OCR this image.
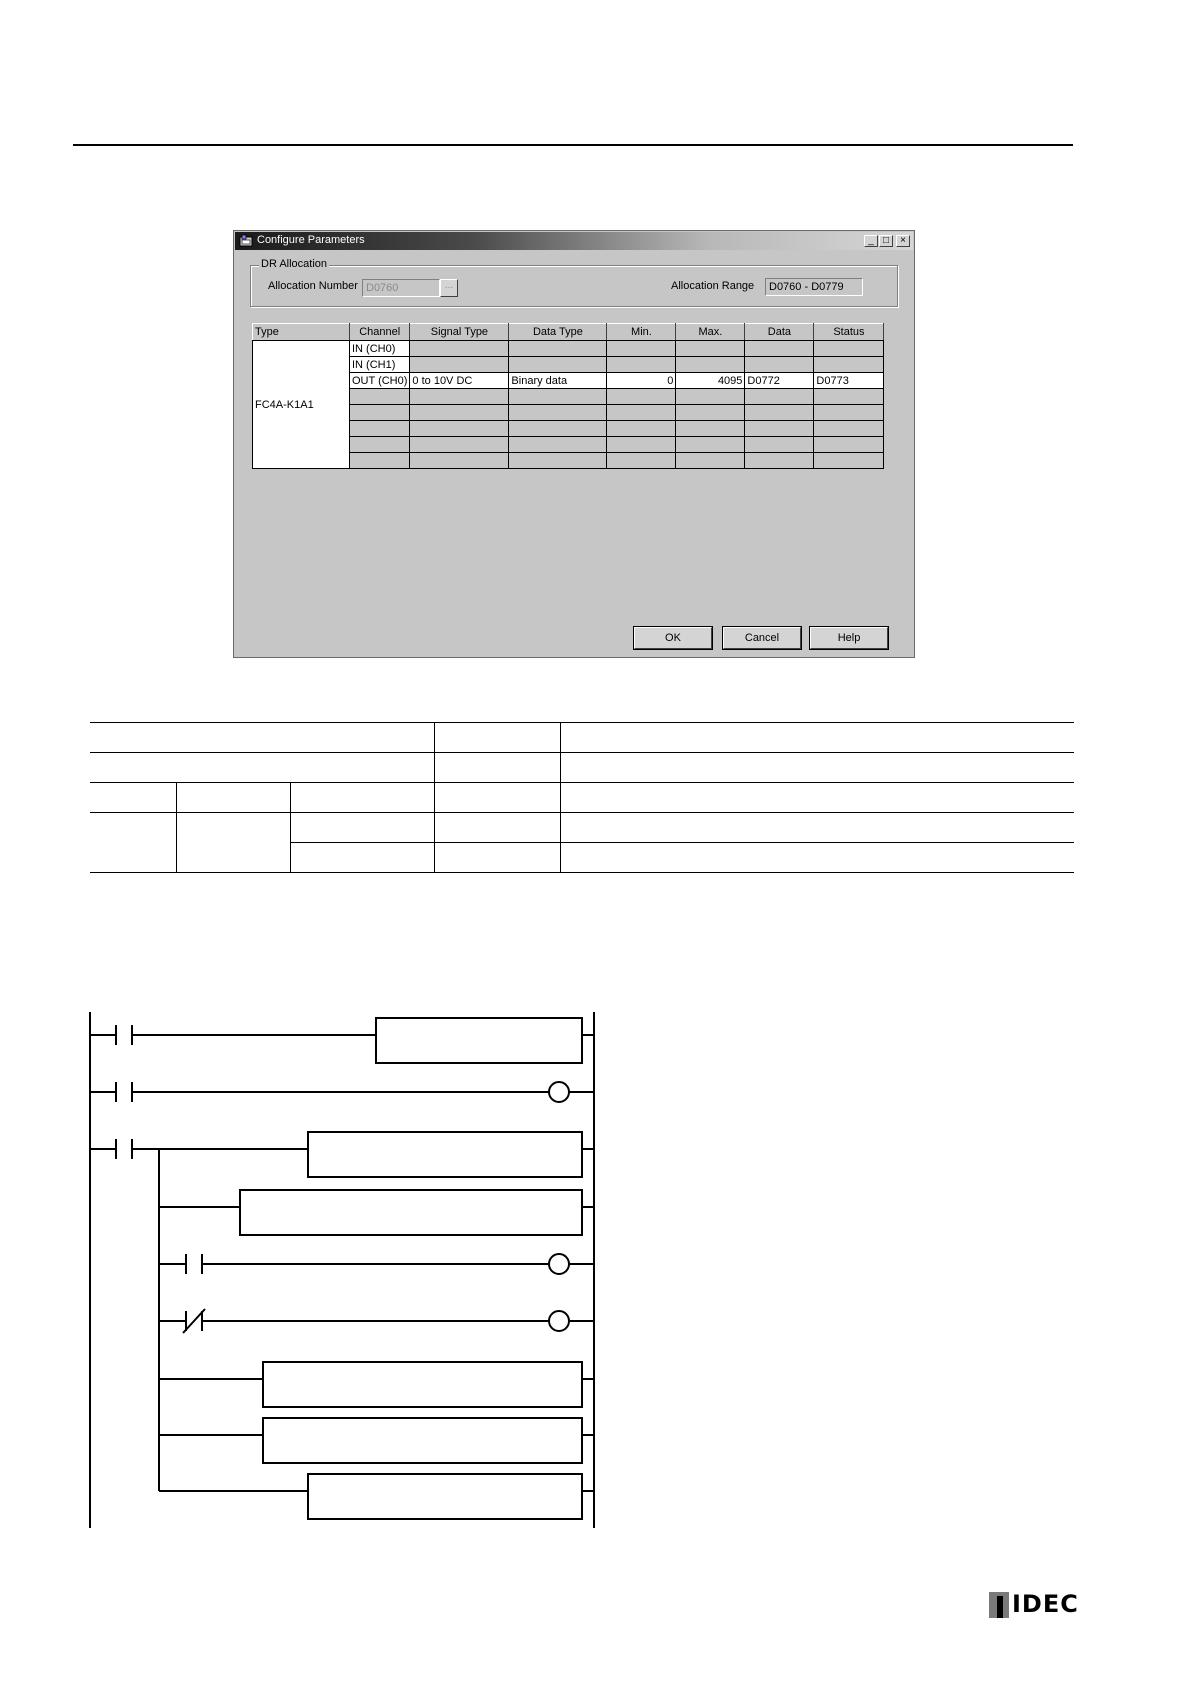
Configure Parameters	_ □	×
DR Allocation
Allocation Number D0760	...	Allocation Range	D0760 - D0779
Type	Channel	Signal Type	Data Type	Min.	Max.	Data	Status
FC4A-K1A1	IN (CH0)						
	IN (CH1)						
	OUT (CH0)	0 to 10V DC	Binary data	0	4095	D0772	D0773

OK	Cancel	Help
IDEC
